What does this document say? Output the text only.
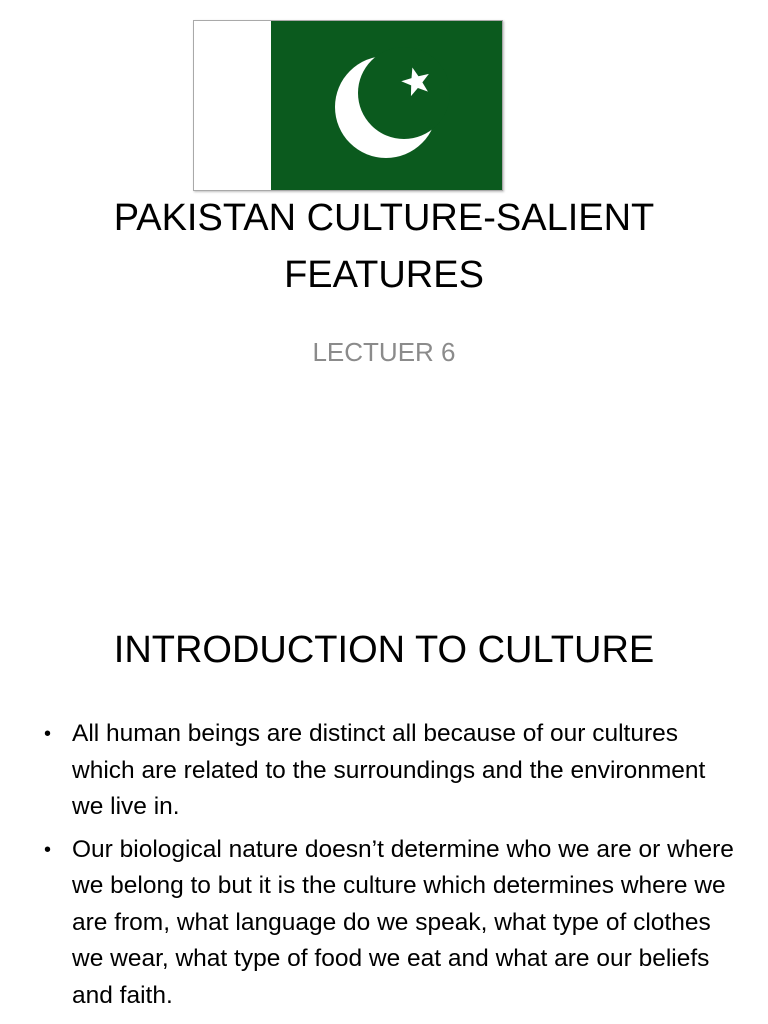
PAKISTAN CULTURE-SALIENT
FEATURES

LECTUER 6

INTRODUCTION TO CULTURE
• All human beings are distinct all because of our cultures which are related to the surroundings and the environment we live in.
• Our biological nature doesn’t determine who we are or where we belong to but it is the culture which determines where we are from, what language do we speak, what type of clothes we wear, what type of food we eat and what are our beliefs and faith.
